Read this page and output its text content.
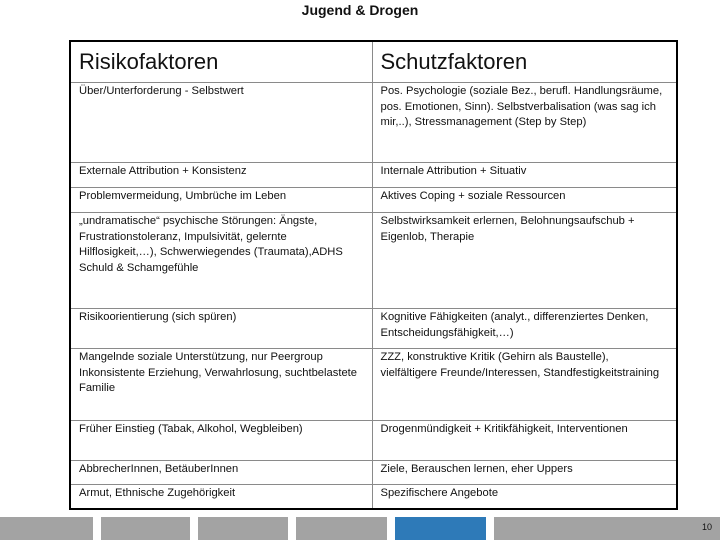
Jugend & Drogen
Risikofaktoren	Schutzfaktoren

Über/Unterforderung - Selbstwert	Pos. Psychologie (soziale Bez., berufl. Handlungsräume, pos. Emotionen, Sinn). Selbstverbalisation (was sag ich mir,..), Stressmanagement (Step by Step)

Externale Attribution + Konsistenz	Internale Attribution + Situativ

Problemvermeidung, Umbrüche im Leben	Aktives Coping + soziale Ressourcen

„undramatische“ psychische Störungen: Ängste, Frustrationstoleranz, Impulsivität, gelernte Hilflosigkeit,…), Schwerwiegendes (Traumata),ADHS
Schuld & Schamgefühle	Selbstwirksamkeit erlernen, Belohnungsaufschub + Eigenlob, Therapie

Risikoorientierung (sich spüren)	Kognitive Fähigkeiten (analyt., differenziertes Denken, Entscheidungsfähigkeit,…)

Mangelnde soziale Unterstützung, nur Peergroup Inkonsistente Erziehung, Verwahrlosung, suchtbelastete Familie	ZZZ, konstruktive Kritik (Gehirn als Baustelle), vielfältigere Freunde/Interessen, Standfestigkeitstraining

Früher Einstieg (Tabak, Alkohol, Wegbleiben)	Drogenmündigkeit + Kritikfähigkeit, Interventionen

AbbrecherInnen, BetäuberInnen	Ziele, Berauschen lernen, eher Uppers

Armut, Ethnische Zugehörigkeit	Spezifischere Angebote
10
